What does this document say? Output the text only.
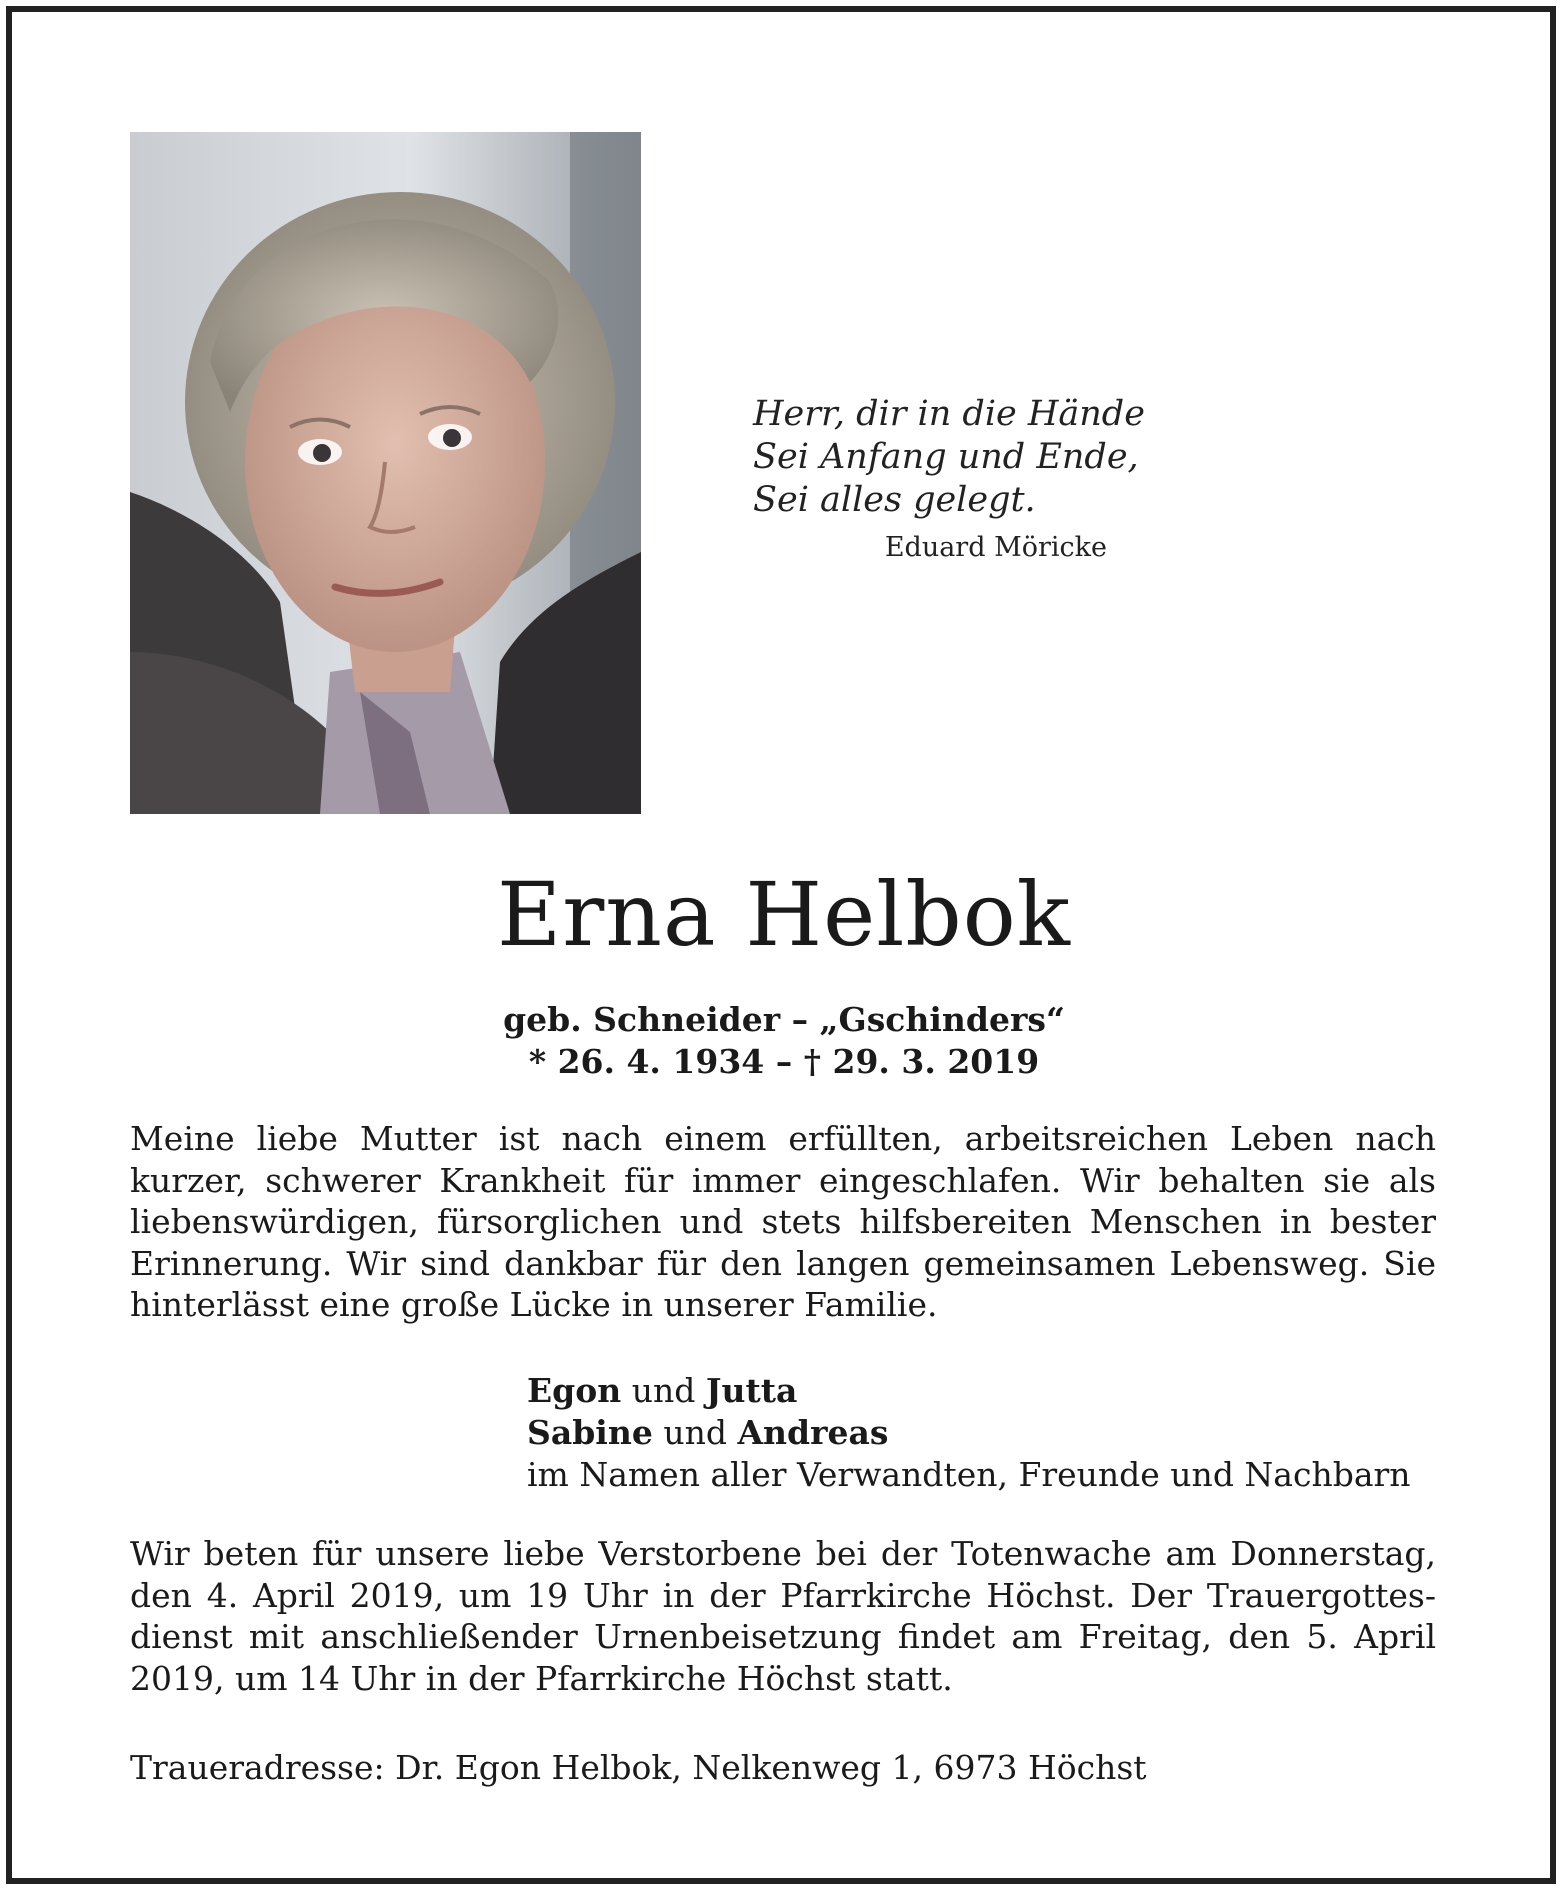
Herr, dir in die Hände
Sei Anfang und Ende,
Sei alles gelegt.
Eduard Möricke
Erna Helbok
geb. Schneider – „Gschinders“
* 26. 4. 1934 – † 29. 3. 2019
Meine liebe Mutter ist nach einem erfüllten, arbeitsreichen Leben nach kurzer, schwerer Krankheit für immer eingeschlafen. Wir behalten sie als liebenswürdigen, fürsorglichen und stets hilfsbereiten Menschen in bester Erinnerung. Wir sind dankbar für den langen gemeinsamen Lebensweg. Sie hinterlässt eine große Lücke in unserer Familie.
Egon und Jutta
Sabine und Andreas
im Namen aller Verwandten, Freunde und Nachbarn
Wir beten für unsere liebe Verstorbene bei der Totenwache am Donnerstag, den 4. April 2019, um 19 Uhr in der Pfarrkirche Höchst. Der Trauergottesdienst mit anschließender Urnenbeisetzung findet am Freitag, den 5. April 2019, um 14 Uhr in der Pfarrkirche Höchst statt.
Traueradresse: Dr. Egon Helbok, Nelkenweg 1, 6973 Höchst
